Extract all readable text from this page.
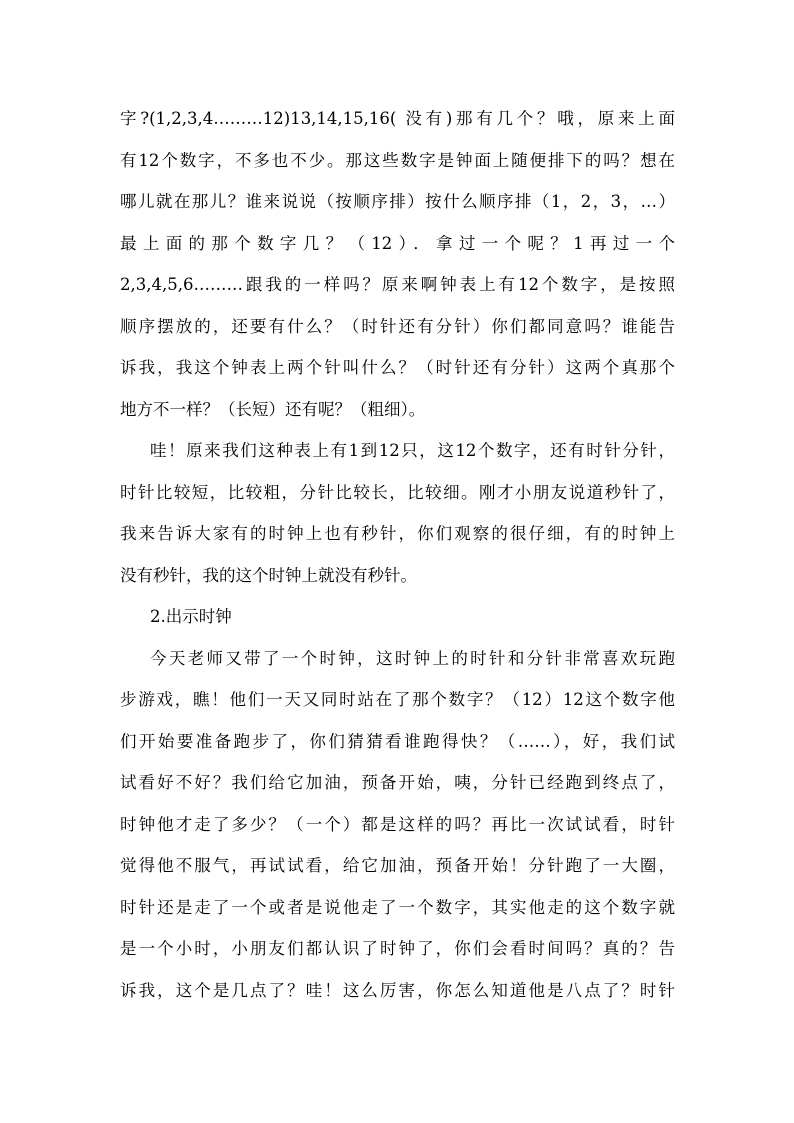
字?(1,2,3,4………12)13,14,15,16( 没有)那有几个？哦，原来上面
有12个数字，不多也不少。那这些数字是钟面上随便排下的吗？想在
哪儿就在那儿？谁来说说（按顺序排）按什么顺序排（1，2，3，…）
最上面的那个数字几？（12）．拿过一个呢？1再过一个
2,3,4,5,6………跟我的一样吗？原来啊钟表上有12个数字，是按照
顺序摆放的，还要有什么？（时针还有分针）你们都同意吗？谁能告
诉我，我这个钟表上两个针叫什么？（时针还有分针）这两个真那个
地方不一样？（长短）还有呢？（粗细）。
哇！原来我们这种表上有1到12只，这12个数字，还有时针分针，
时针比较短，比较粗，分针比较长，比较细。刚才小朋友说道秒针了，
我来告诉大家有的时钟上也有秒针，你们观察的很仔细，有的时钟上
没有秒针，我的这个时钟上就没有秒针。
2.出示时钟
今天老师又带了一个时钟，这时钟上的时针和分针非常喜欢玩跑
步游戏，瞧！他们一天又同时站在了那个数字？（12）12这个数字他
们开始要准备跑步了，你们猜猜看谁跑得快？（……），好，我们试
试看好不好？我们给它加油，预备开始，咦，分针已经跑到终点了，
时钟他才走了多少？（一个）都是这样的吗？再比一次试试看，时针
觉得他不服气，再试试看，给它加油，预备开始！分针跑了一大圈，
时针还是走了一个或者是说他走了一个数字，其实他走的这个数字就
是一个小时，小朋友们都认识了时钟了，你们会看时间吗？真的？告
诉我，这个是几点了？哇！这么厉害，你怎么知道他是八点了？时针
